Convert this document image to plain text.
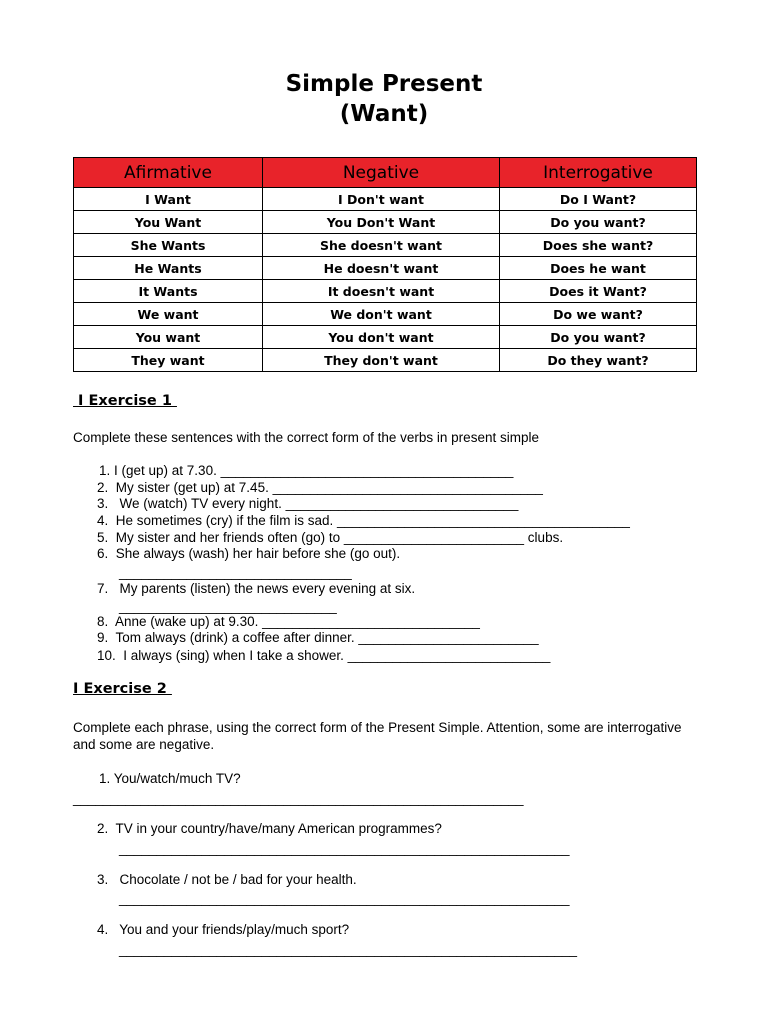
Simple Present
(Want)
Afirmative	Negative	Interrogative
I Want	I Don't want	Do I Want?
You Want	You Don't Want	Do you want?
She Wants	She doesn't want	Does she want?
He Wants	He doesn't want	Does he want
It Wants	It doesn't want	Does it Want?
We want	We don't want	Do we want?
You want	You don't want	Do you want?
They want	They don't want	Do they want?
I Exercise 1
Complete these sentences with the correct form of the verbs in present simple
1. I (get up) at 7.30. _______________________________________
2.  My sister (get up) at 7.45. ____________________________________
3.   We (watch) TV every night. _______________________________
4.  He sometimes (cry) if the film is sad. _______________________________________
5.  My sister and her friends often (go) to ________________________ clubs.
6.  She always (wash) her hair before she (go out).
_______________________________
7.   My parents (listen) the news every evening at six.
_____________________________
8.  Anne (wake up) at 9.30. _____________________________
9.  Tom always (drink) a coffee after dinner. ________________________
10.  I always (sing) when I take a shower. ___________________________
I Exercise 2
Complete each phrase, using the correct form of the Present Simple. Attention, some are interrogative and some are negative.
1. You/watch/much TV?
____________________________________________________________
2.  TV in your country/have/many American programmes?
____________________________________________________________
3.   Chocolate / not be / bad for your health.
____________________________________________________________
4.   You and your friends/play/much sport?
_____________________________________________________________
